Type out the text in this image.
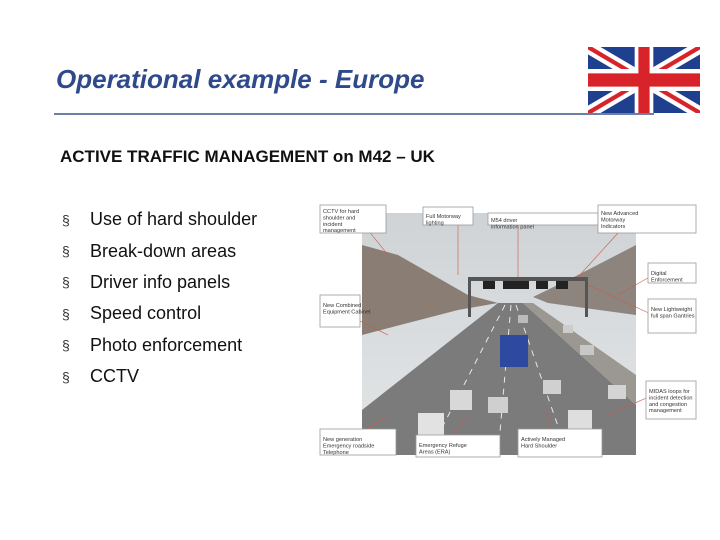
Operational example - Europe
ACTIVE TRAFFIC MANAGEMENT on M42 – UK
§	Use of hard shoulder
§	Break-down areas
§	Driver info panels
§	Speed control
§	Photo enforcement
§	CCTV
CCTV for hard shoulder and incident management
Full Motorway lighting	M54 driver information panel
New Advanced Motorway Indicators
Digital Enforcement
New Combined Equipment Cabinet	New Lightweight full span Gantries
MIDAS loops for incident detection and congestion management
New generation Emergency roadside Telephone
Emergency Refuge Areas (ERA)
Actively Managed Hard Shoulder
